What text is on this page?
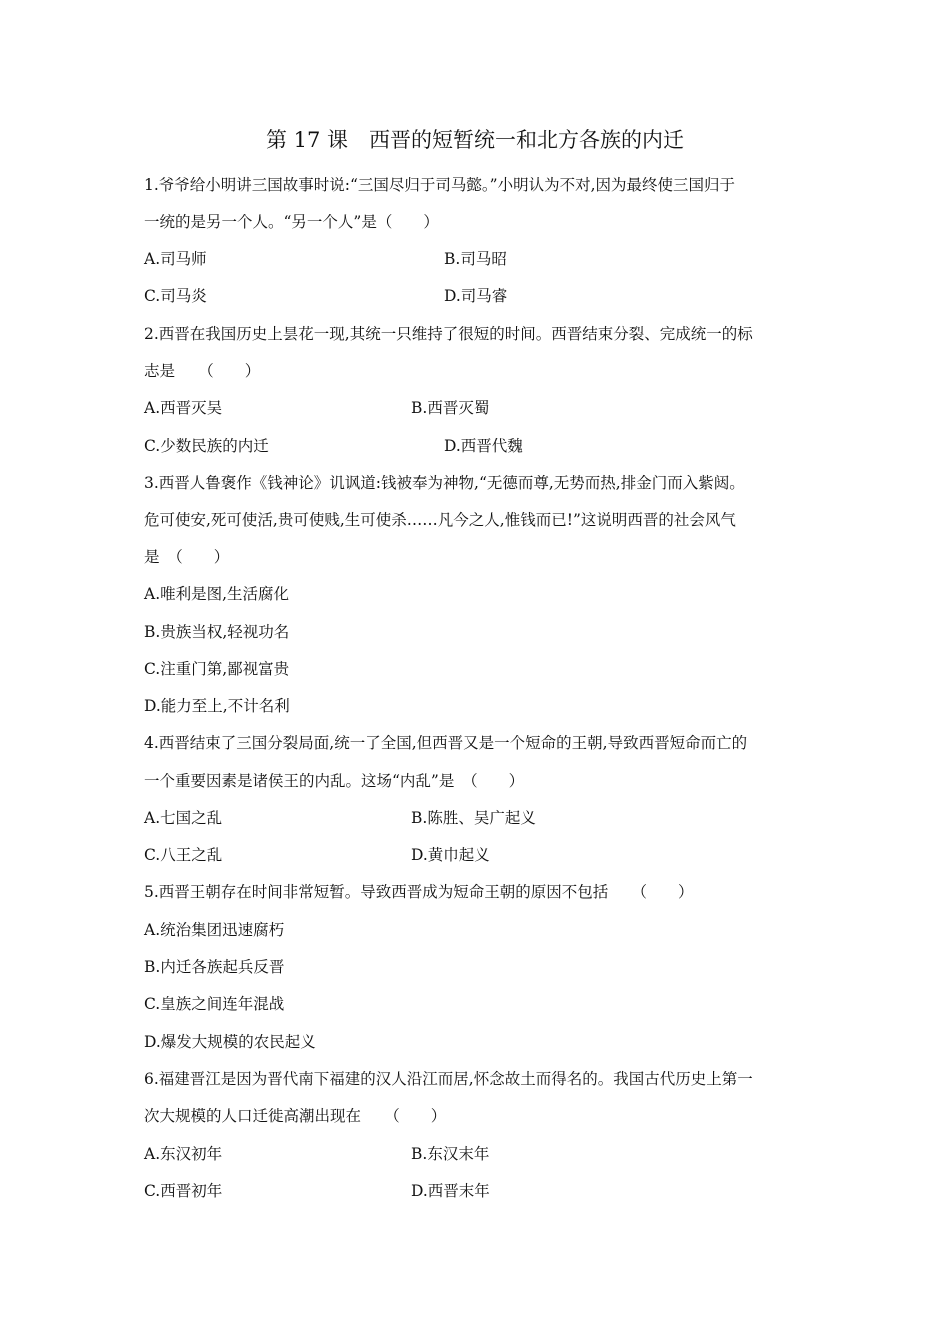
第 17 课　西晋的短暂统一和北方各族的内迁
1.爷爷给小明讲三国故事时说:“三国尽归于司马懿。”小明认为不对,因为最终使三国归于
一统的是另一个人。“另一个人”是（　　）
A.司马师	B.司马昭
C.司马炎	D.司马睿
2.西晋在我国历史上昙花一现,其统一只维持了很短的时间。西晋结束分裂、完成统一的标
志是　　（　　）
A.西晋灭吴	B.西晋灭蜀
C.少数民族的内迁	D.西晋代魏
3.西晋人鲁褒作《钱神论》讥讽道:钱被奉为神物,“无德而尊,无势而热,排金门而入紫闼。
危可使安,死可使活,贵可使贱,生可使杀……凡今之人,惟钱而已!”这说明西晋的社会风气
是　（　　）
A.唯利是图,生活腐化
B.贵族当权,轻视功名
C.注重门第,鄙视富贵
D.能力至上,不计名利
4.西晋结束了三国分裂局面,统一了全国,但西晋又是一个短命的王朝,导致西晋短命而亡的
一个重要因素是诸侯王的内乱。这场“内乱”是　（　　）
A.七国之乱	B.陈胜、吴广起义
C.八王之乱	D.黄巾起义
5.西晋王朝存在时间非常短暂。导致西晋成为短命王朝的原因不包括　　（　　）
A.统治集团迅速腐朽
B.内迁各族起兵反晋
C.皇族之间连年混战
D.爆发大规模的农民起义
6.福建晋江是因为晋代南下福建的汉人沿江而居,怀念故土而得名的。我国古代历史上第一
次大规模的人口迁徙高潮出现在　　（　　）
A.东汉初年	B.东汉末年
C.西晋初年	D.西晋末年
